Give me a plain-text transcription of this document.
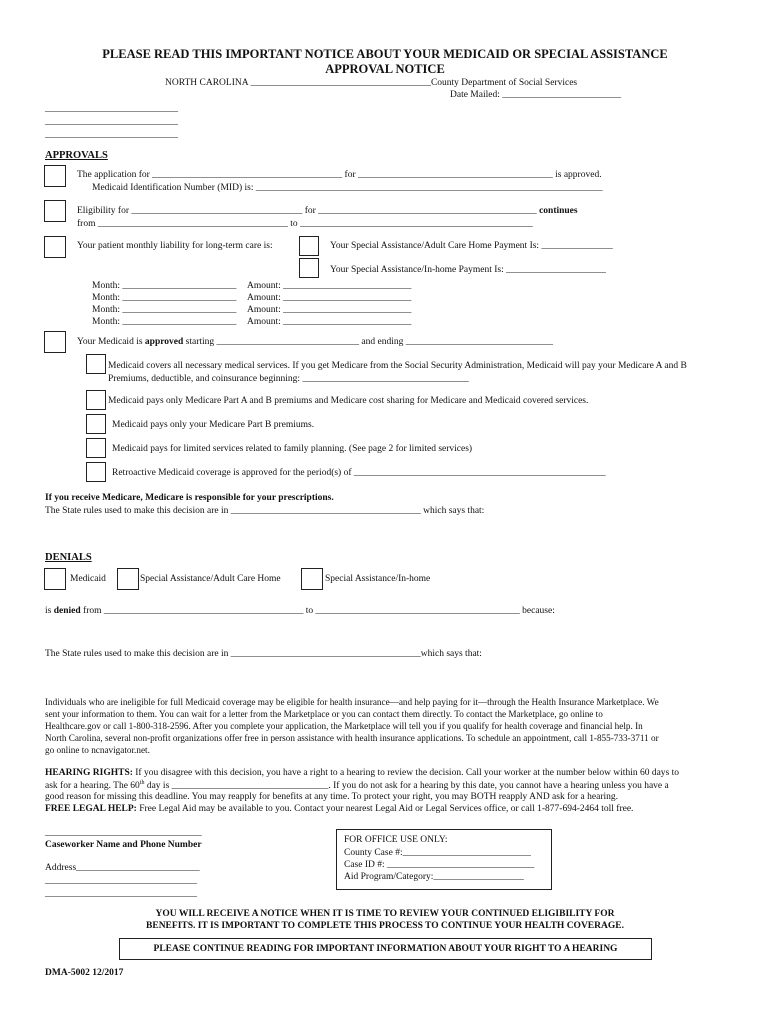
PLEASE READ THIS IMPORTANT NOTICE ABOUT YOUR MEDICAID OR SPECIAL ASSISTANCE
APPROVAL NOTICE
NORTH CAROLINA ______________________________________County Department of Social Services
Date Mailed: _________________________
____________________________
____________________________
____________________________
APPROVALS
The application for ________________________________________ for _________________________________________ is approved.
Medicaid Identification Number (MID) is: _________________________________________________________________________
Eligibility for ____________________________________ for ______________________________________________ continues
from ________________________________________ to _________________________________________________
Your patient monthly liability for long-term care is:	Your Special Assistance/Adult Care Home Payment Is: _______________
Your Special Assistance/In-home Payment Is: _____________________
Month: ________________________ Amount: ___________________________
Month: ________________________ Amount: ___________________________
Month: ________________________ Amount: ___________________________
Month: ________________________ Amount: ___________________________
Your Medicaid is approved starting ______________________________ and ending _______________________________
Medicaid covers all necessary medical services. If you get Medicare from the Social Security Administration, Medicaid will pay your Medicare A and B
Premiums, deductible, and coinsurance beginning: ___________________________________
Medicaid pays only Medicare Part A and B premiums and Medicare cost sharing for Medicare and Medicaid covered services.
Medicaid pays only your Medicare Part B premiums.
Medicaid pays for limited services related to family planning. (See page 2 for limited services)
Retroactive Medicaid coverage is approved for the period(s) of _____________________________________________________
If you receive Medicare, Medicare is responsible for your prescriptions.
The State rules used to make this decision are in ________________________________________ which says that:
DENIALS
Medicaid	Special Assistance/Adult Care Home	Special Assistance/In-home
is denied from __________________________________________ to ___________________________________________ because:
The State rules used to make this decision are in ________________________________________which says that:
Individuals who are ineligible for full Medicaid coverage may be eligible for health insurance—and help paying for it—through the Health Insurance Marketplace. We
sent your information to them. You can wait for a letter from the Marketplace or you can contact them directly. To contact the Marketplace, go online to
Healthcare.gov or call 1-800-318-2596. After you complete your application, the Marketplace will tell you if you qualify for health coverage and financial help. In
North Carolina, several non-profit organizations offer free in person assistance with health insurance applications. To schedule an appointment, call 1-855-733-3711 or
go online to ncnavigator.net.
HEARING RIGHTS: If you disagree with this decision, you have a right to a hearing to review the decision. Call your worker at the number below within 60 days to
ask for a hearing. The 60th day is _________________________________. If you do not ask for a hearing by this date, you cannot have a hearing unless you have a
good reason for missing this deadline. You may reapply for benefits at any time. To protect your right, you may BOTH reapply AND ask for a hearing.
FREE LEGAL HELP: Free Legal Aid may be available to you. Contact your nearest Legal Aid or Legal Services office, or call 1-877-694-2464 toll free.
_________________________________
Caseworker Name and Phone Number
Address__________________________
________________________________
________________________________
FOR OFFICE USE ONLY:
County Case #:___________________________
Case ID #: _______________________________
Aid Program/Category:___________________
YOU WILL RECEIVE A NOTICE WHEN IT IS TIME TO REVIEW YOUR CONTINUED ELIGIBILITY FOR
BENEFITS. IT IS IMPORTANT TO COMPLETE THIS PROCESS TO CONTINUE YOUR HEALTH COVERAGE.
PLEASE CONTINUE READING FOR IMPORTANT INFORMATION ABOUT YOUR RIGHT TO A HEARING
DMA-5002 12/2017
